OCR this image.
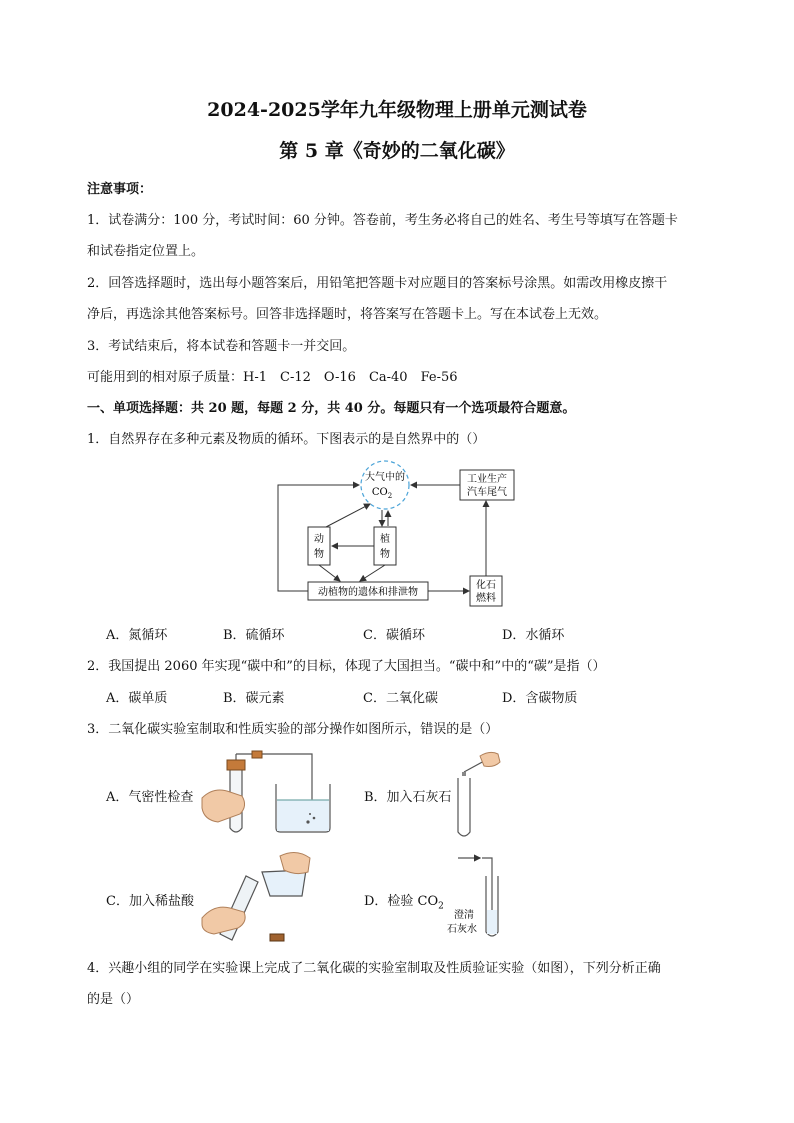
2024-2025学年九年级物理上册单元测试卷
第 5 章《奇妙的二氧化碳》
注意事项：
1．试卷满分：100 分，考试时间：60 分钟。答卷前，考生务必将自己的姓名、考生号等填写在答题卡
和试卷指定位置上。
2．回答选择题时，选出每小题答案后，用铅笔把答题卡对应题目的答案标号涂黑。如需改用橡皮擦干
净后，再选涂其他答案标号。回答非选择题时，将答案写在答题卡上。写在本试卷上无效。
3．考试结束后，将本试卷和答题卡一并交回。
可能用到的相对原子质量：H-1　C-12　O-16　Ca-40　Fe-56
一、单项选择题：共 20 题，每题 2 分，共 40 分。每题只有一个选项最符合题意。
1．自然界存在多种元素及物质的循环。下图表示的是自然界中的（）
大气中的
$CO_2$
工业生产
汽车尾气
动
物
植
物
动植物的遗体和排泄物
化石
燃料
A．氮循环	B．硫循环	C．碳循环	D．水循环
2．我国提出 2060 年实现“碳中和”的目标，体现了大国担当。“碳中和”中的“碳”是指（）
A．碳单质	B．碳元素	C．二氧化碳	D．含碳物质
3．二氧化碳实验室制取和性质实验的部分操作如图所示，错误的是（）
A．气密性检查	B．加入石灰石
C．加入稀盐酸	D．检验 $CO_2$
澄清
石灰水
4．兴趣小组的同学在实验课上完成了二氧化碳的实验室制取及性质验证实验（如图），下列分析正确
的是（）
